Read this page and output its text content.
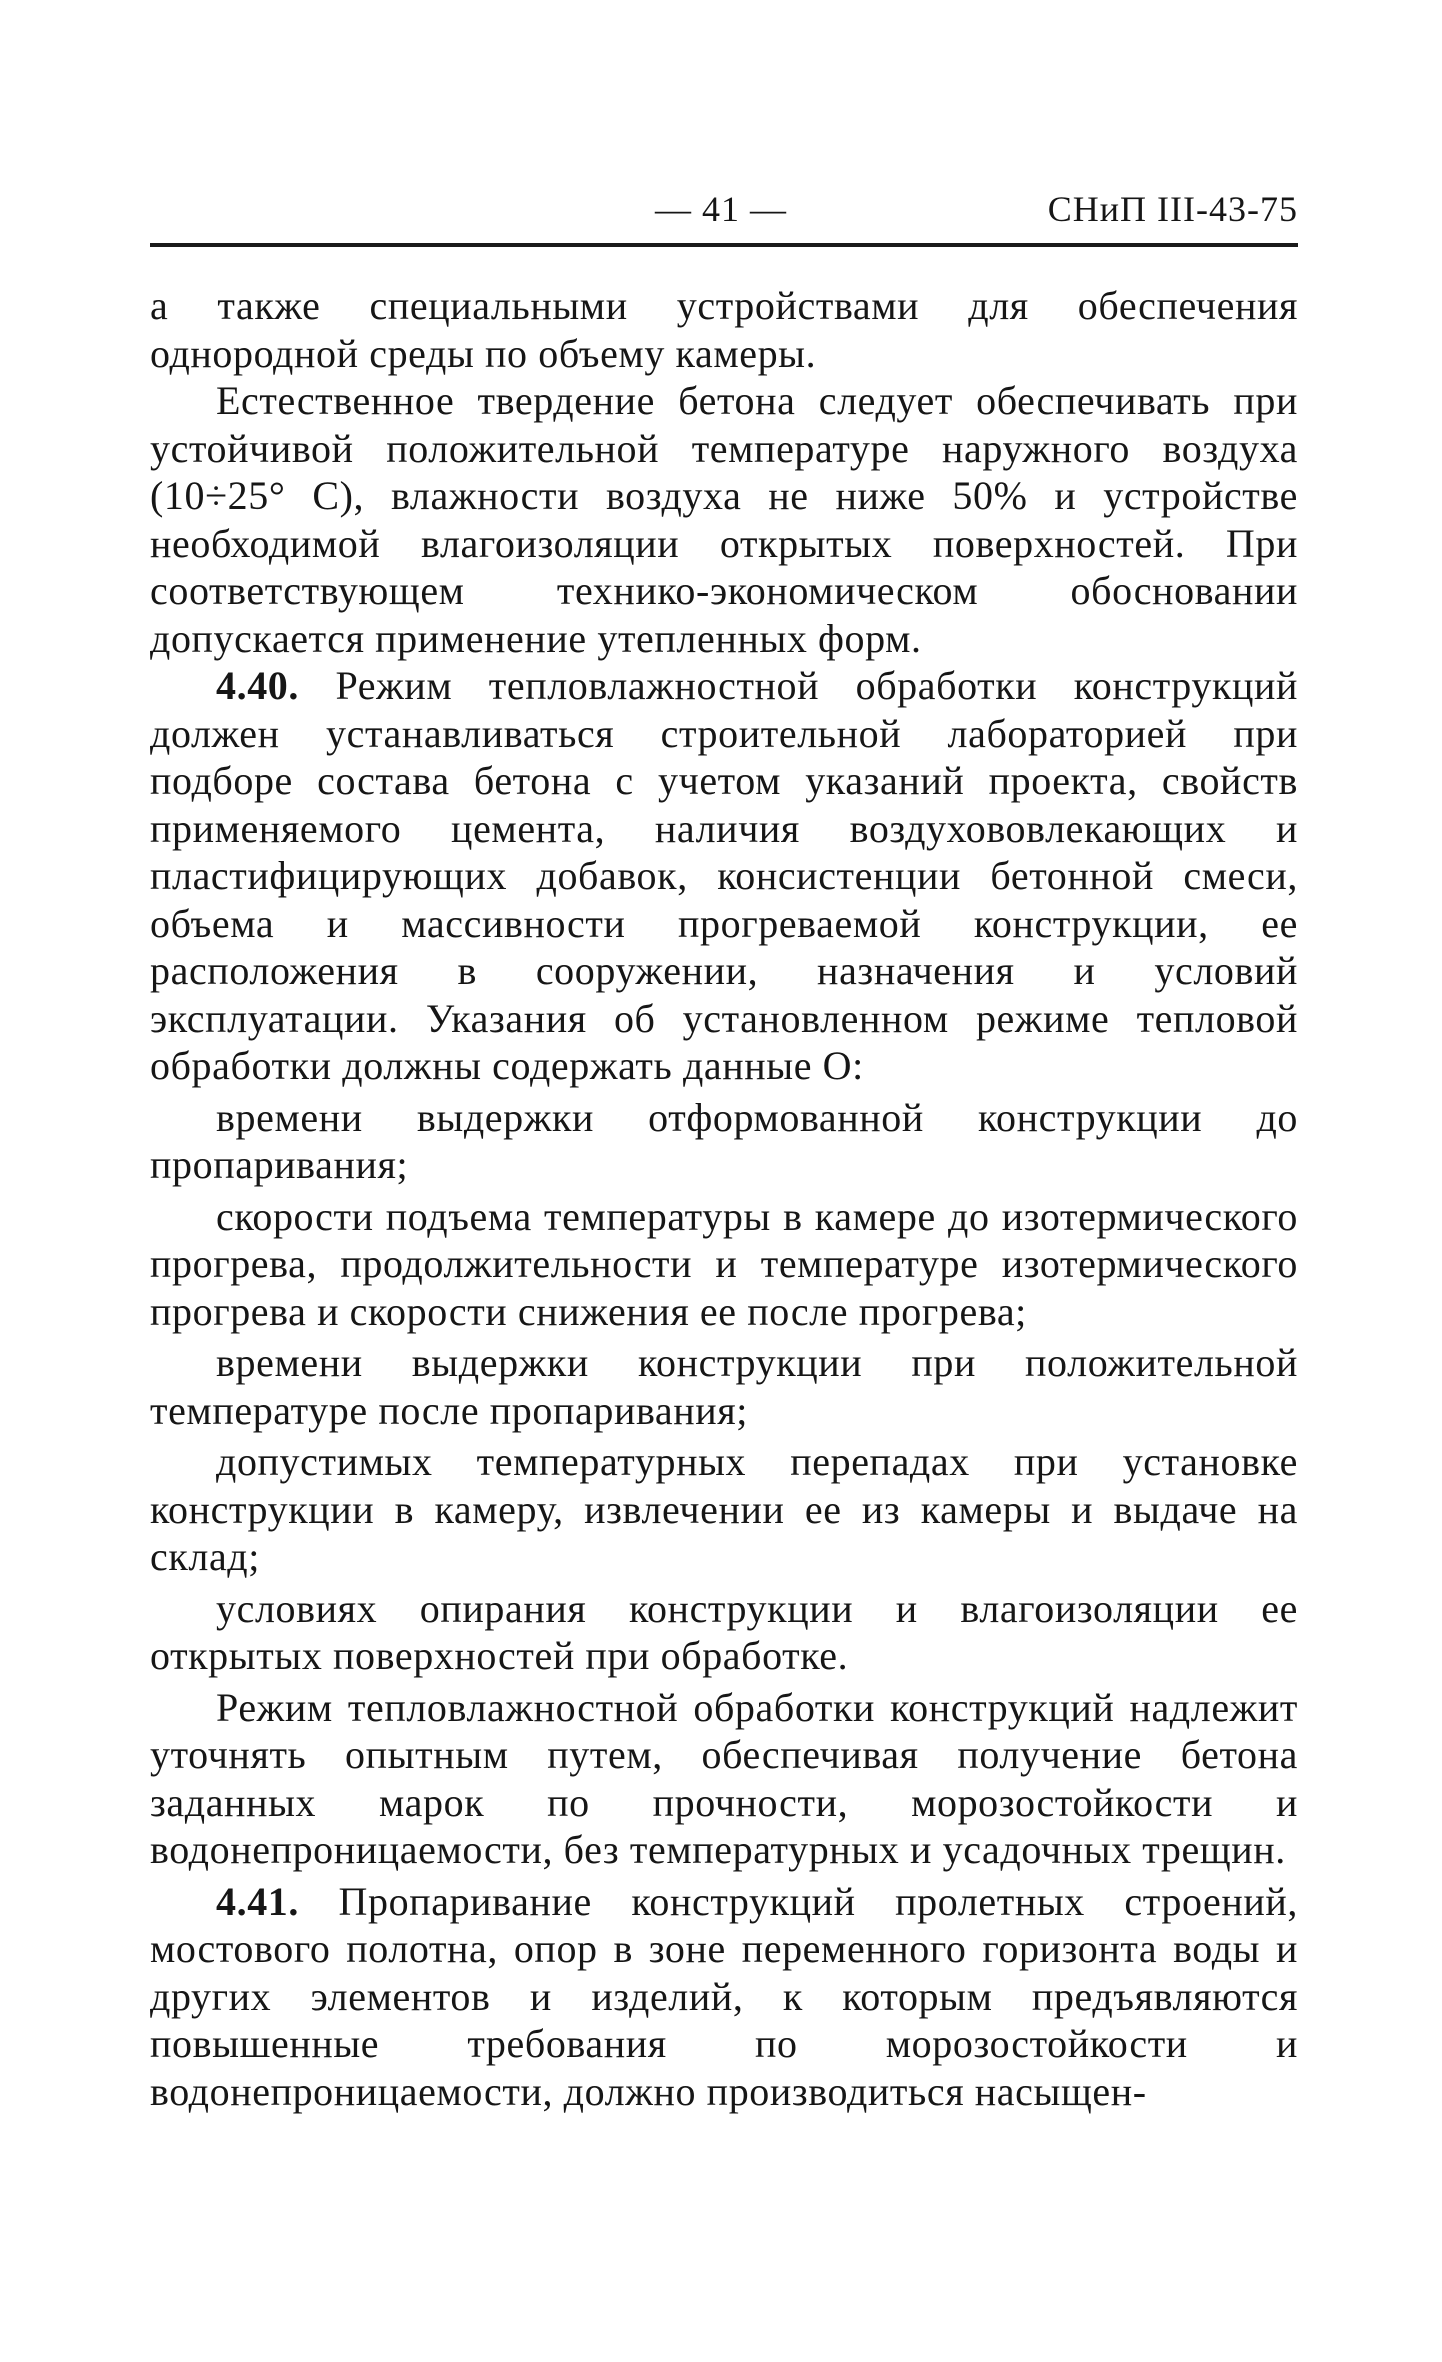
— 41 —	СНиП III-43-75

а также специальными устройствами для обеспечения однородной среды по объему камеры.

Естественное твердение бетона следует обеспечивать при устойчивой положительной температуре наружного воздуха (10÷25° С), влажности воздуха не ниже 50% и устройстве необходимой влагоизоляции открытых поверхностей. При соответствующем технико-экономическом обосновании допускается применение утепленных форм.

4.40. Режим тепловлажностной обработки конструкций должен устанавливаться строительной лабораторией при подборе состава бетона с учетом указаний проекта, свойств применяемого цемента, наличия воздухововлекающих и пластифицирующих добавок, консистенции бетонной смеси, объема и массивности прогреваемой конструкции, ее расположения в сооружении, назначения и условий эксплуатации. Указания об установленном режиме тепловой обработки должны содержать данные О:

времени выдержки отформованной конструкции до пропаривания;

скорости подъема температуры в камере до изотермического прогрева, продолжительности и температуре изотермического прогрева и скорости снижения ее после прогрева;

времени выдержки конструкции при положительной температуре после пропаривания;

допустимых температурных перепадах при установке конструкции в камеру, извлечении ее из камеры и выдаче на склад;

условиях опирания конструкции и влагоизоляции ее открытых поверхностей при обработке.

Режим тепловлажностной обработки конструкций надлежит уточнять опытным путем, обеспечивая получение бетона заданных марок по прочности, морозостойкости и водонепроницаемости, без температурных и усадочных трещин.

4.41. Пропаривание конструкций пролетных строений, мостового полотна, опор в зоне переменного горизонта воды и других элементов и изделий, к которым предъявляются повышенные требования по морозостойкости и водонепроницаемости, должно производиться насыщен-
